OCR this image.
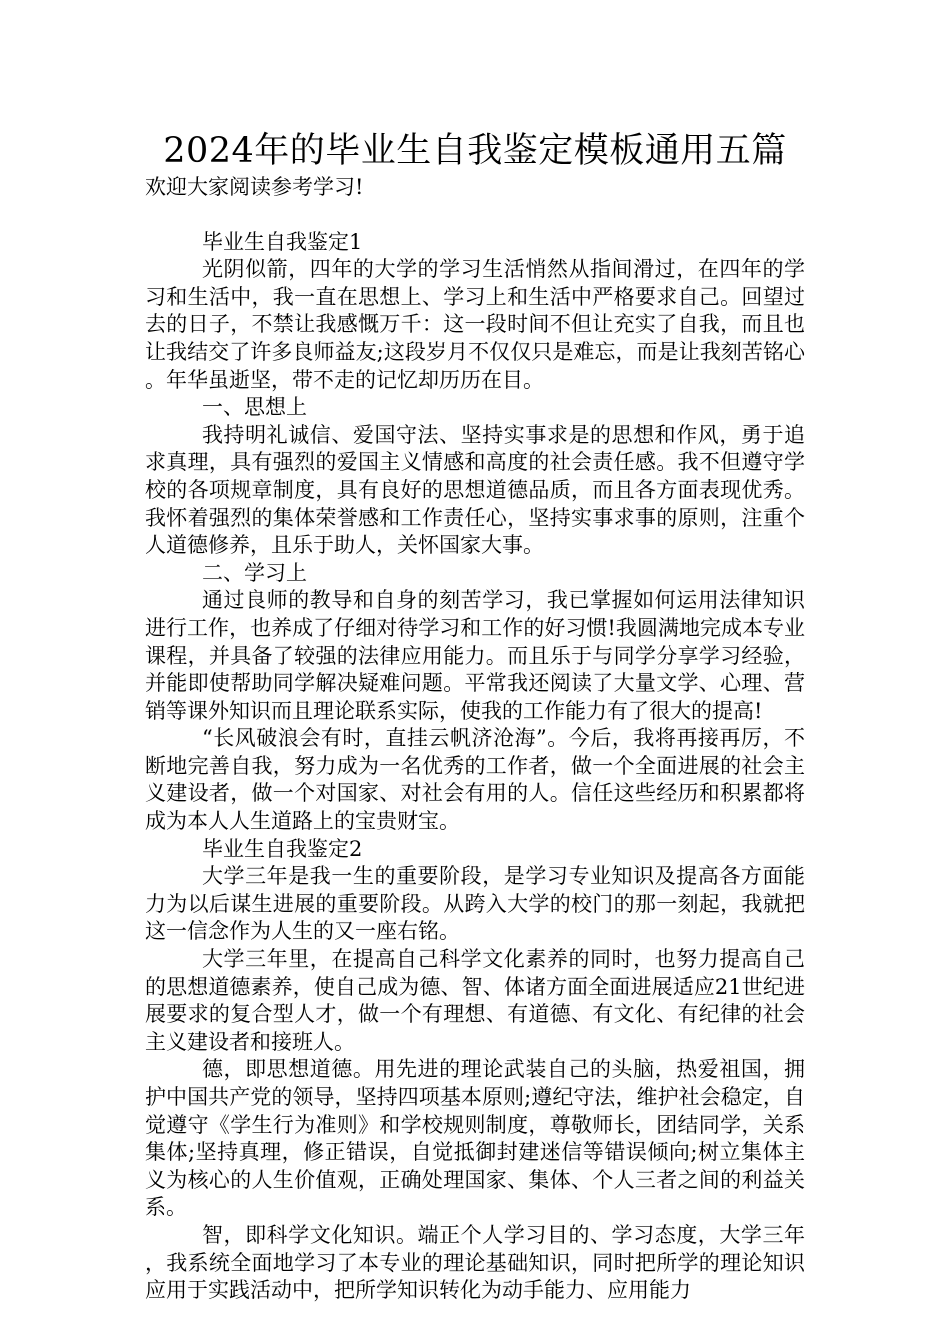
2024年的毕业生自我鉴定模板通用五篇

欢迎大家阅读参考学习!

毕业生自我鉴定1

光阴似箭，四年的大学的学习生活悄然从指间滑过，在四年的学习和生活中，我一直在思想上、学习上和生活中严格要求自己。回望过去的日子，不禁让我感慨万千：这一段时间不但让充实了自我，而且也让我结交了许多良师益友;这段岁月不仅仅只是难忘，而是让我刻苦铭心。年华虽逝坚，带不走的记忆却历历在目。

一、思想上

我持明礼诚信、爱国守法、坚持实事求是的思想和作风，勇于追求真理，具有强烈的爱国主义情感和高度的社会责任感。我不但遵守学校的各项规章制度，具有良好的思想道德品质，而且各方面表现优秀。我怀着强烈的集体荣誉感和工作责任心，坚持实事求事的原则，注重个人道德修养，且乐于助人，关怀国家大事。

二、学习上

通过良师的教导和自身的刻苦学习，我已掌握如何运用法律知识进行工作，也养成了仔细对待学习和工作的好习惯!我圆满地完成本专业课程，并具备了较强的法律应用能力。而且乐于与同学分享学习经验，并能即使帮助同学解决疑难问题。平常我还阅读了大量文学、心理、营销等课外知识而且理论联系实际，使我的工作能力有了很大的提高!

“长风破浪会有时，直挂云帆济沧海”。今后，我将再接再厉，不断地完善自我，努力成为一名优秀的工作者，做一个全面进展的社会主义建设者，做一个对国家、对社会有用的人。信任这些经历和积累都将成为本人人生道路上的宝贵财宝。

毕业生自我鉴定2

大学三年是我一生的重要阶段，是学习专业知识及提高各方面能力为以后谋生进展的重要阶段。从跨入大学的校门的那一刻起，我就把这一信念作为人生的又一座右铭。

大学三年里，在提高自己科学文化素养的同时，也努力提高自己的思想道德素养，使自己成为德、智、体诸方面全面进展适应21世纪进展要求的复合型人才，做一个有理想、有道德、有文化、有纪律的社会主义建设者和接班人。

德，即思想道德。用先进的理论武装自己的头脑，热爱祖国，拥护中国共产党的领导，坚持四项基本原则;遵纪守法，维护社会稳定，自觉遵守《学生行为准则》和学校规则制度，尊敬师长，团结同学，关系集体;坚持真理，修正错误，自觉抵御封建迷信等错误倾向;树立集体主义为核心的人生价值观，正确处理国家、集体、个人三者之间的利益关系。

智，即科学文化知识。端正个人学习目的、学习态度，大学三年，我系统全面地学习了本专业的理论基础知识，同时把所学的理论知识应用于实践活动中，把所学知识转化为动手能力、应用能力
